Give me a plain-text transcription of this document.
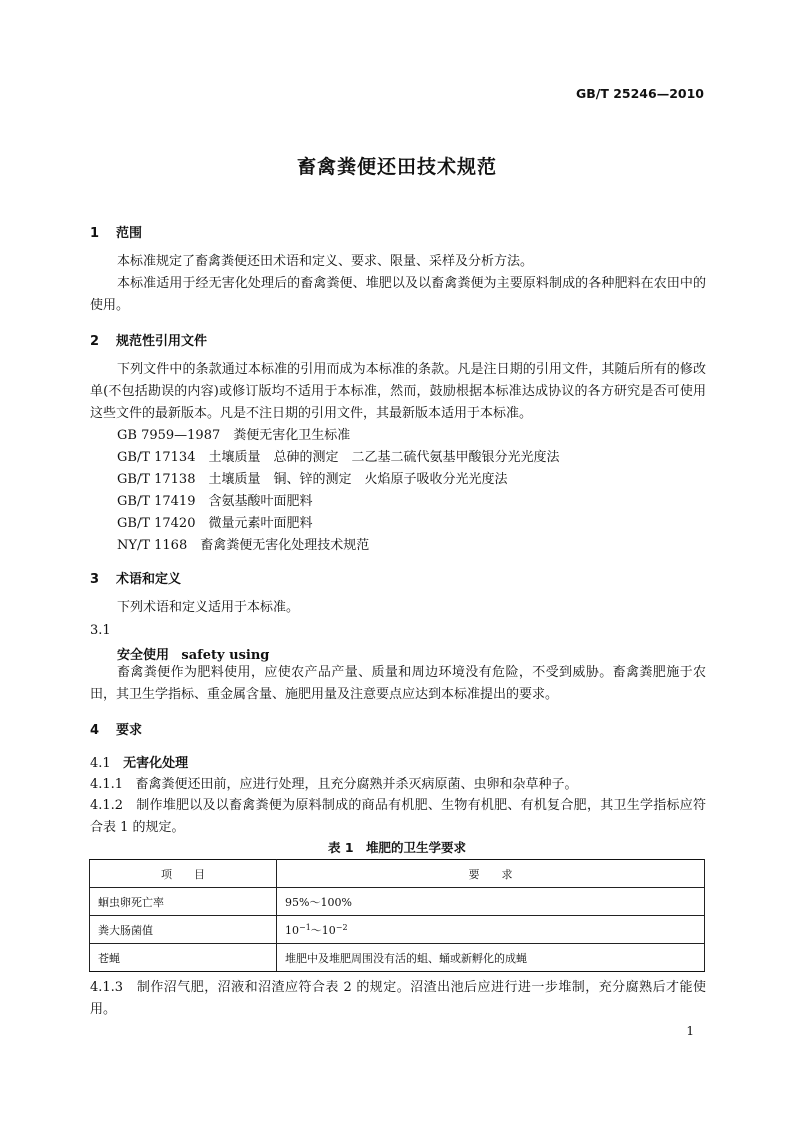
GB/T 25246—2010
畜禽粪便还田技术规范
1 范围
本标准规定了畜禽粪便还田术语和定义、要求、限量、采样及分析方法。
本标准适用于经无害化处理后的畜禽粪便、堆肥以及以畜禽粪便为主要原料制成的各种肥料在农田中的使用。
2 规范性引用文件
下列文件中的条款通过本标准的引用而成为本标准的条款。凡是注日期的引用文件，其随后所有的修改单(不包括勘误的内容)或修订版均不适用于本标准，然而，鼓励根据本标准达成协议的各方研究是否可使用这些文件的最新版本。凡是不注日期的引用文件，其最新版本适用于本标准。
GB 7959—1987　 粪便无害化卫生标准
GB/T 17134　 土壤质量　总砷的测定　二乙基二硫代氨基甲酸银分光光度法
GB/T 17138　 土壤质量　铜、锌的测定　火焰原子吸收分光光度法
GB/T 17419　 含氨基酸叶面肥料
GB/T 17420　 微量元素叶面肥料
NY/T 1168　 畜禽粪便无害化处理技术规范
3 术语和定义
下列术语和定义适用于本标准。
3.1
安全使用 safety using
畜禽粪便作为肥料使用，应使农产品产量、质量和周边环境没有危险，不受到威胁。畜禽粪肥施于农田，其卫生学指标、重金属含量、施肥用量及注意要点应达到本标准提出的要求。
4 要求
4.1 无害化处理
4.1.1 畜禽粪便还田前，应进行处理，且充分腐熟并杀灭病原菌、虫卵和杂草种子。
4.1.2 制作堆肥以及以畜禽粪便为原料制成的商品有机肥、生物有机肥、有机复合肥，其卫生学指标应符合表 1 的规定。
表 1　堆肥的卫生学要求
项　　目	要　　求
蛔虫卵死亡率	95%～100%
粪大肠菌值	$10^{-1}\sim 10^{-2}$
苍蝇	堆肥中及堆肥周围没有活的蛆、蛹或新孵化的成蝇
4.1.3 制作沼气肥，沼液和沼渣应符合表 2 的规定。沼渣出池后应进行进一步堆制，充分腐熟后才能使用。
1
